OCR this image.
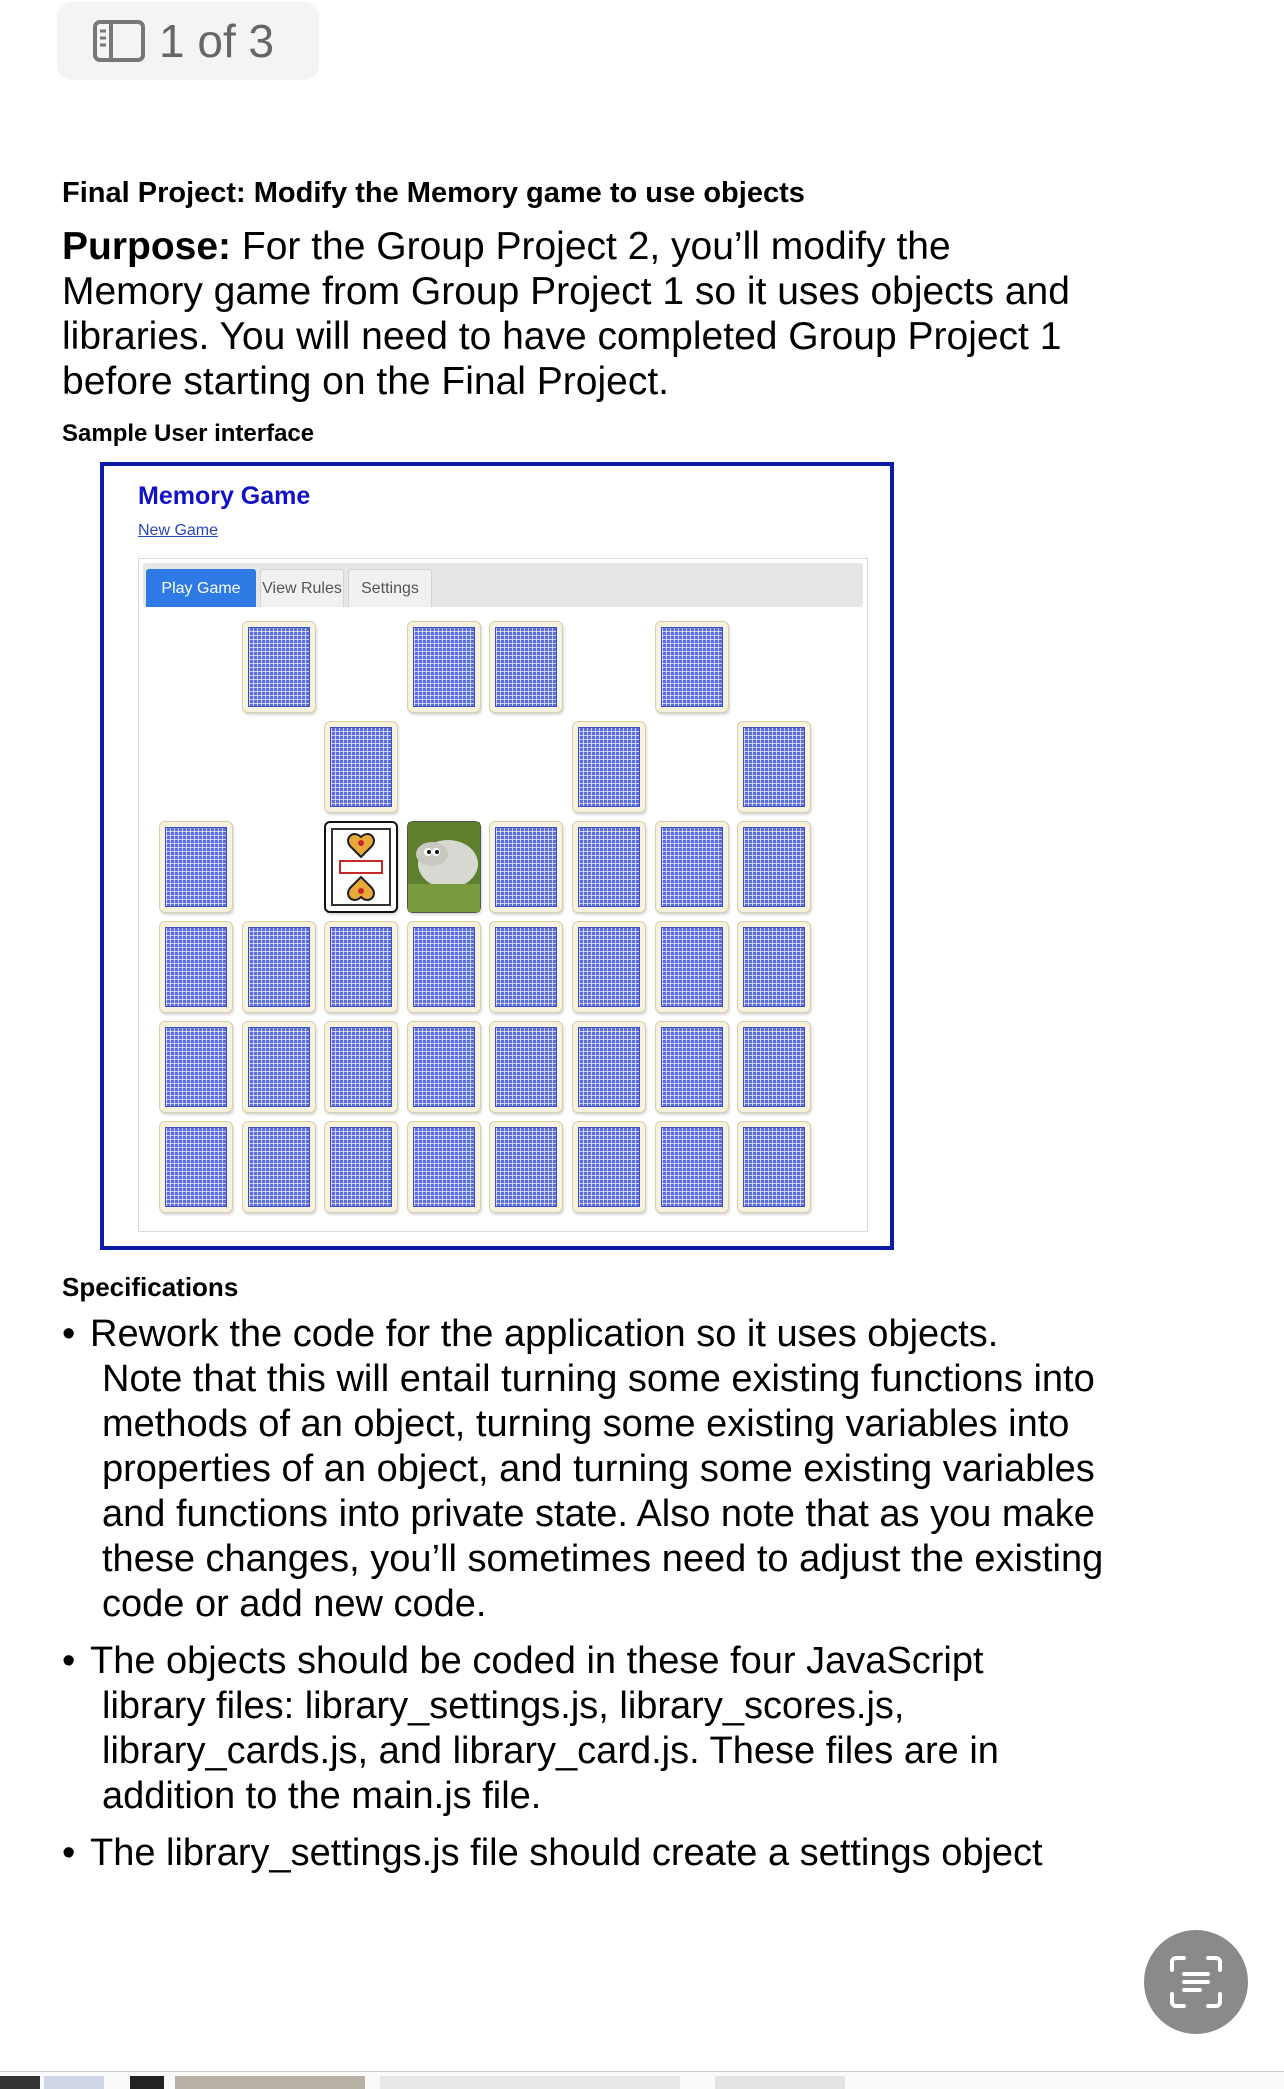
1 of 3
Final Project: Modify the Memory game to use objects
Purpose: For the Group Project 2, you’ll modify the Memory game from Group Project 1 so it uses objects and libraries. You will need to have completed Group Project 1 before starting on the Final Project.
Sample User interface
Memory Game
New Game
Play Game	View Rules	Settings
Specifications
• Rework the code for the application so it uses objects.
Note that this will entail turning some existing functions into methods of an object, turning some existing variables into properties of an object, and turning some existing variables and functions into private state. Also note that as you make these changes, you’ll sometimes need to adjust the existing code or add new code.
• The objects should be coded in these four JavaScript
library files: library_settings.js, library_scores.js, library_cards.js, and library_card.js. These files are in addition to the main.js file.
• The library_settings.js file should create a settings object
